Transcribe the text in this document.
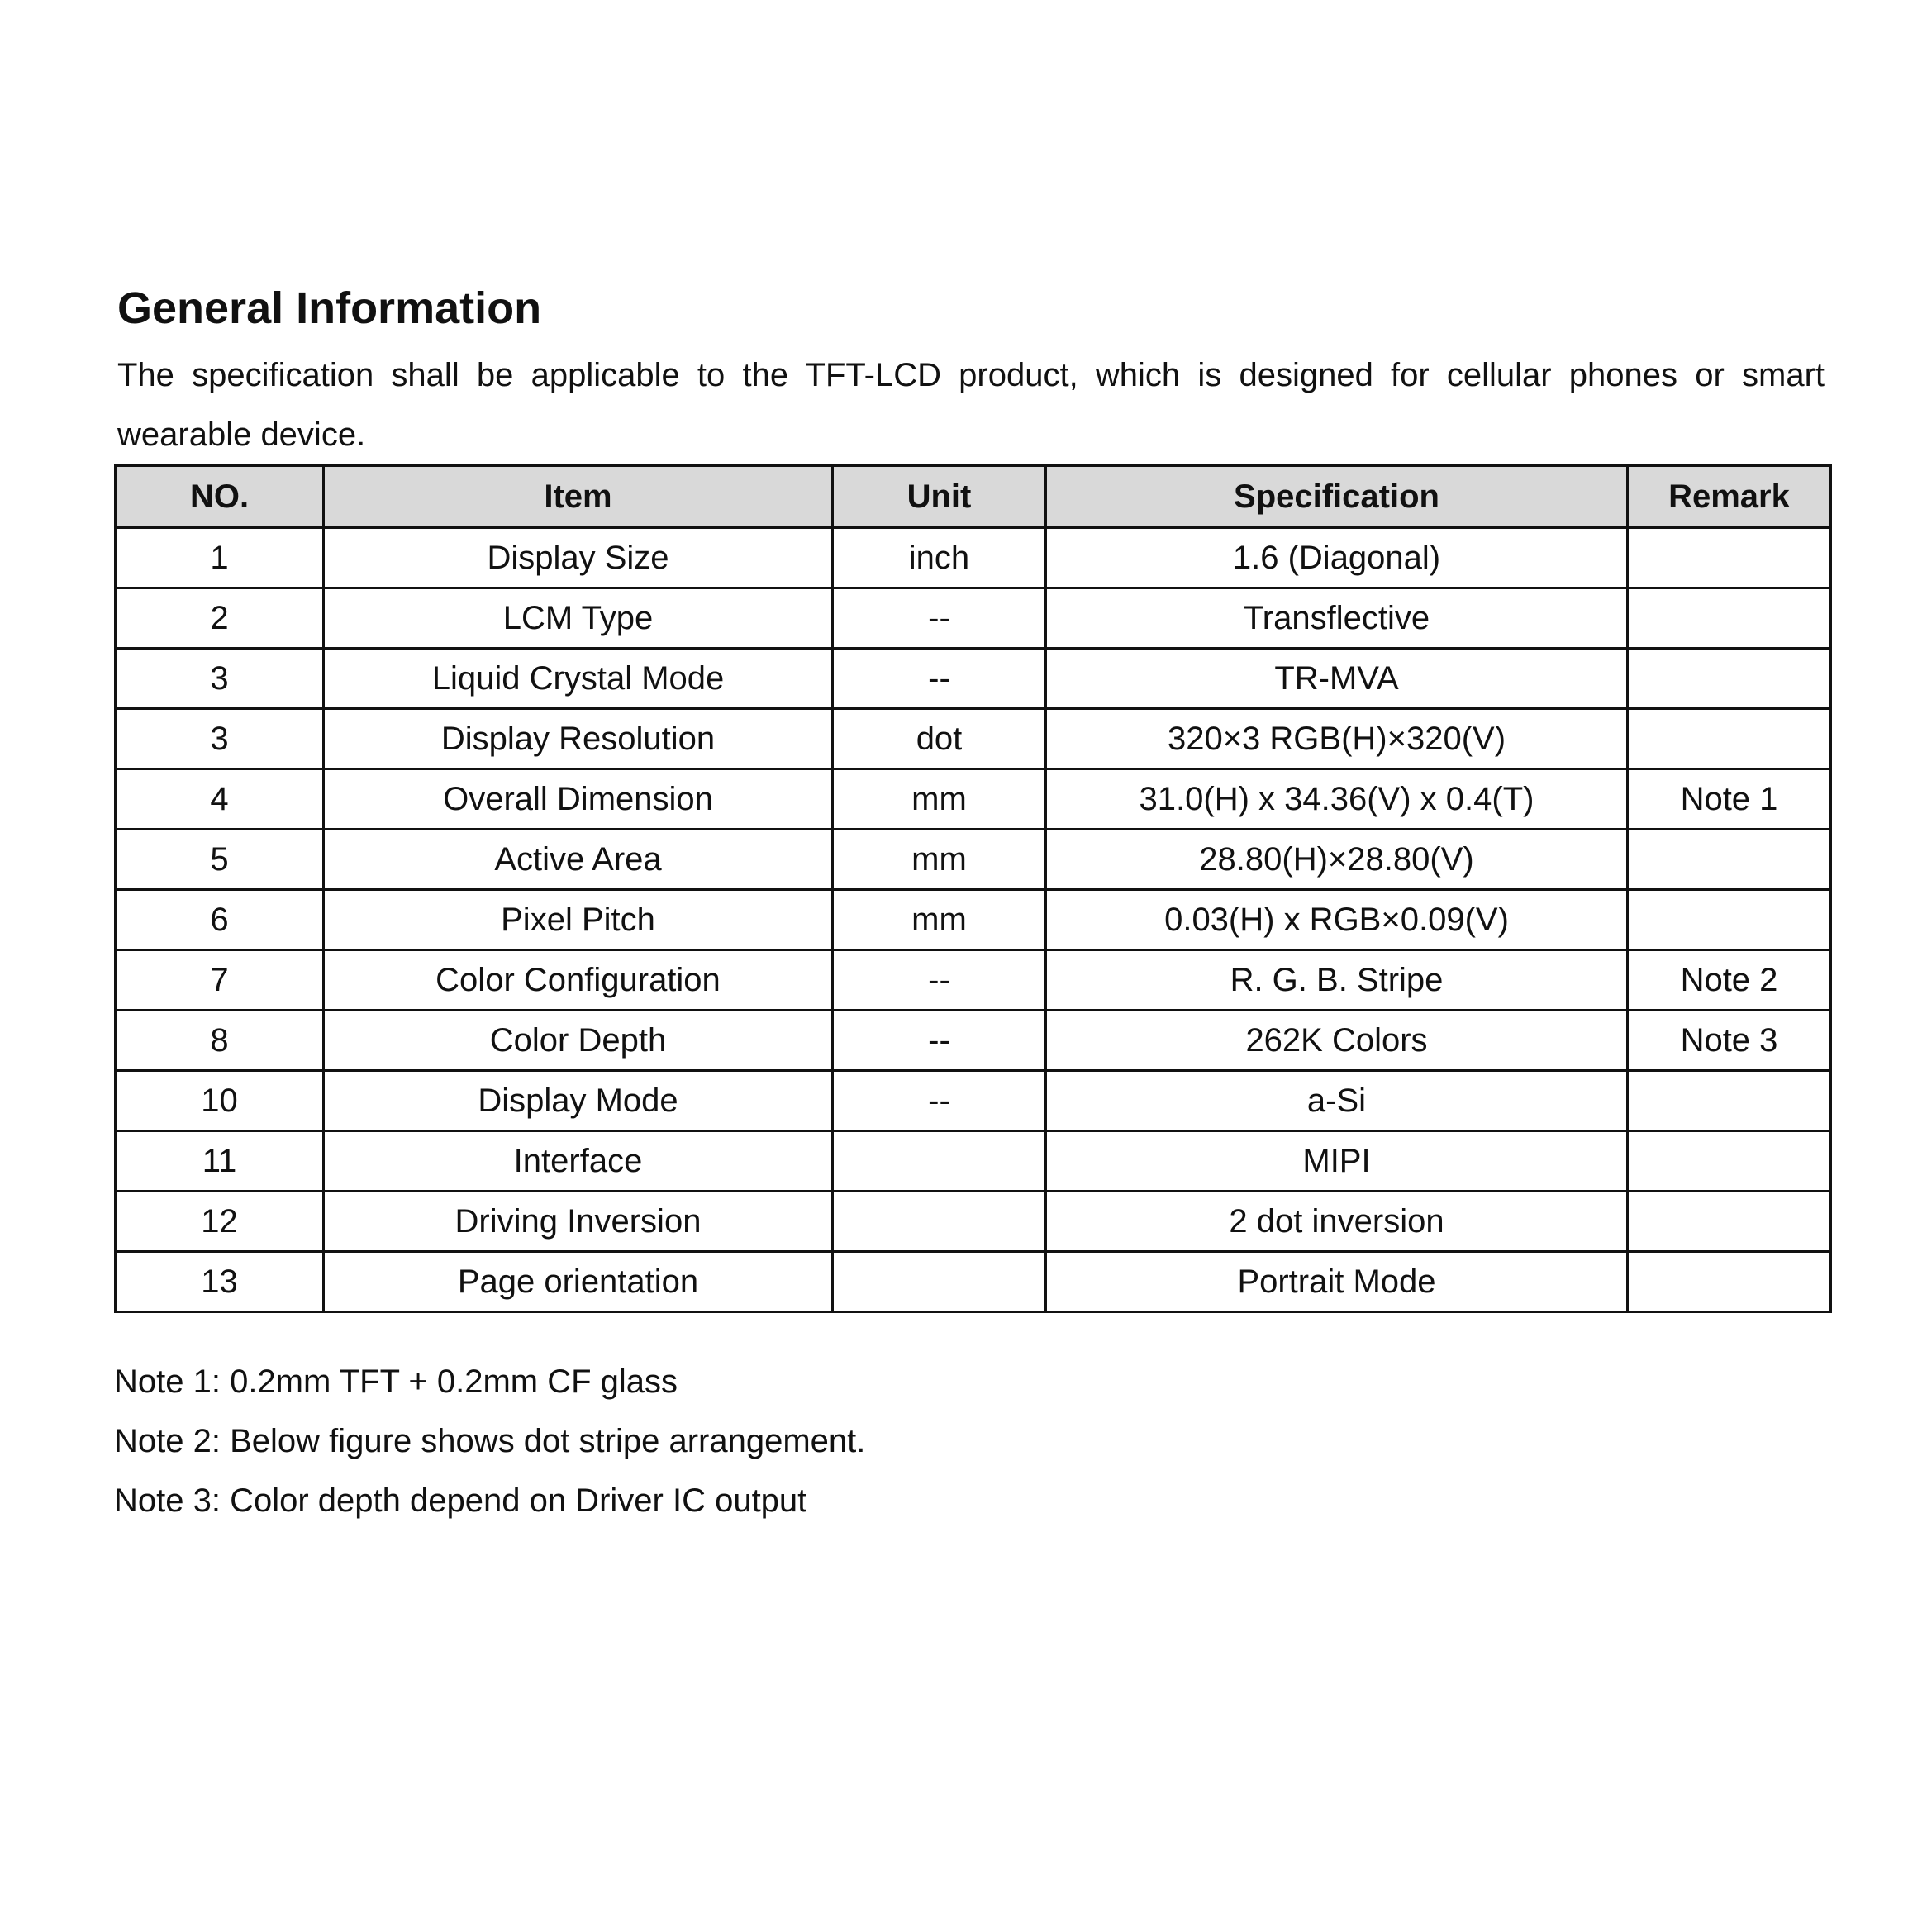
General Information

The specification shall be applicable to the TFT-LCD product, which is designed for cellular phones or smart wearable device.

NO.	Item	Unit	Specification	Remark
1	Display Size	inch	1.6 (Diagonal)	
2	LCM Type	--	Transflective	
3	Liquid Crystal Mode	--	TR-MVA	
3	Display Resolution	dot	320×3 RGB(H)×320(V)	
4	Overall Dimension	mm	31.0(H) x 34.36(V) x 0.4(T)	Note 1
5	Active Area	mm	28.80(H)×28.80(V)	
6	Pixel Pitch	mm	0.03(H) x RGB×0.09(V)	
7	Color Configuration	--	R. G. B. Stripe	Note 2
8	Color Depth	--	262K Colors	Note 3
10	Display Mode	--	a-Si	
11	Interface		MIPI	
12	Driving Inversion		2 dot inversion	
13	Page orientation		Portrait Mode	
Note 1: 0.2mm TFT + 0.2mm CF glass
Note 2: Below figure shows dot stripe arrangement.
Note 3: Color depth depend on Driver IC output
